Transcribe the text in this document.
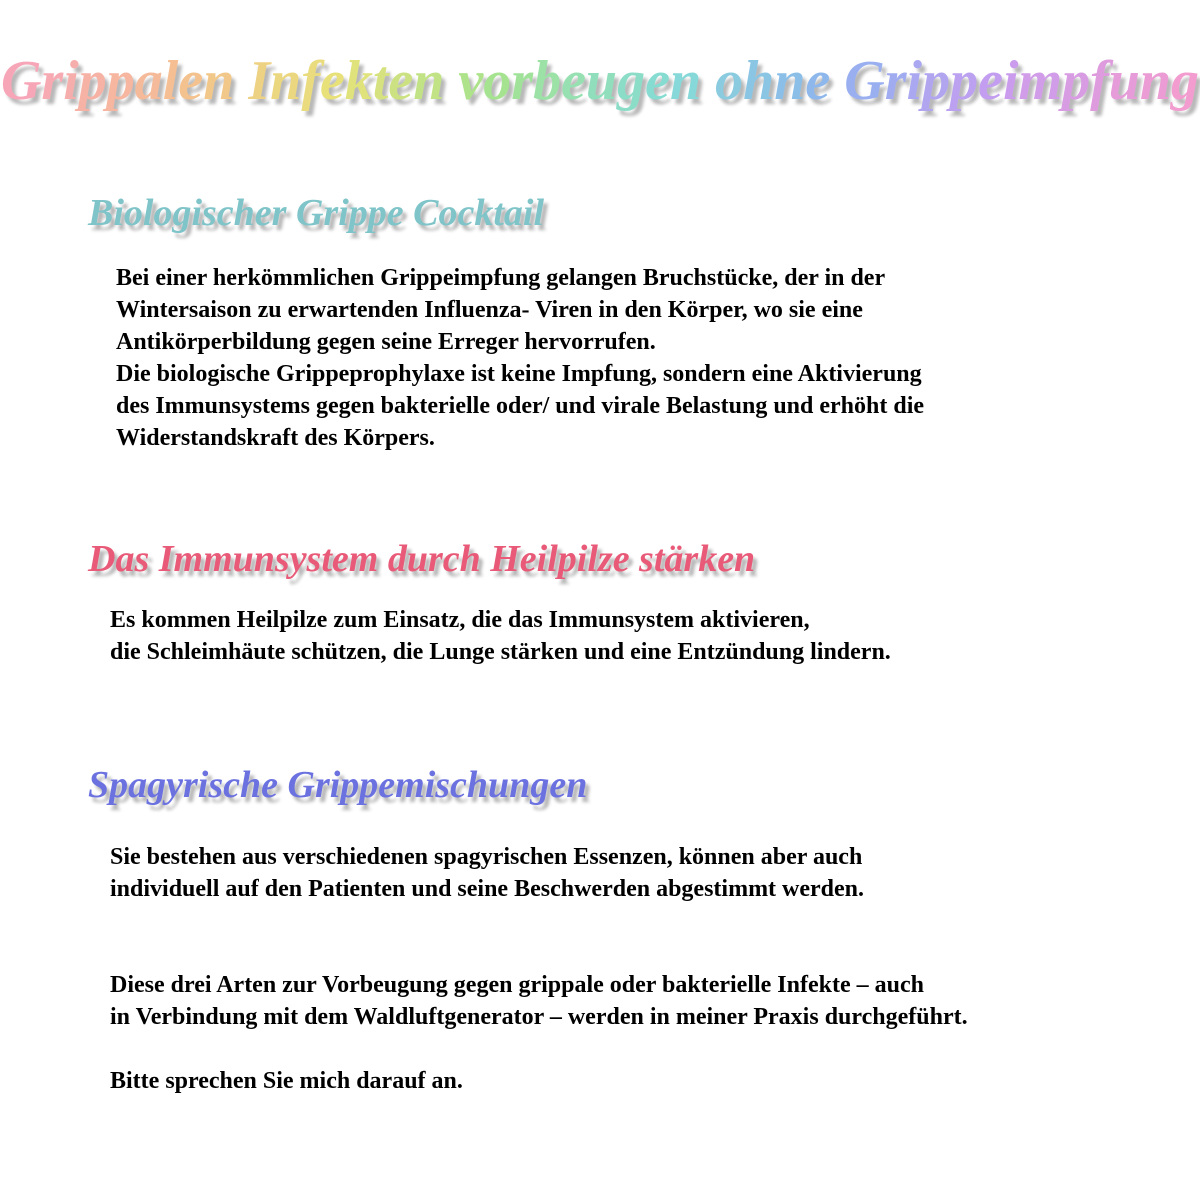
Grippalen Infekten vorbeugen ohne Grippeimpfung
Biologischer Grippe Cocktail
Bei einer herkömmlichen Grippeimpfung gelangen Bruchstücke, der in der
Wintersaison zu erwartenden Influenza- Viren in den Körper, wo sie eine
Antikörperbildung gegen seine Erreger hervorrufen.
Die biologische Grippeprophylaxe ist keine Impfung, sondern eine Aktivierung
des Immunsystems gegen bakterielle oder/ und virale Belastung und erhöht die
Widerstandskraft des Körpers.
Das Immunsystem durch Heilpilze stärken
Es kommen Heilpilze zum Einsatz, die das Immunsystem aktivieren,
die Schleimhäute schützen, die Lunge stärken und eine Entzündung lindern.
Spagyrische Grippemischungen
Sie bestehen aus verschiedenen spagyrischen Essenzen, können aber auch
individuell auf den Patienten und seine Beschwerden abgestimmt werden.
Diese drei Arten zur Vorbeugung gegen grippale oder bakterielle Infekte – auch
in Verbindung mit dem Waldluftgenerator – werden in meiner Praxis durchgeführt.
Bitte sprechen Sie mich darauf an.
